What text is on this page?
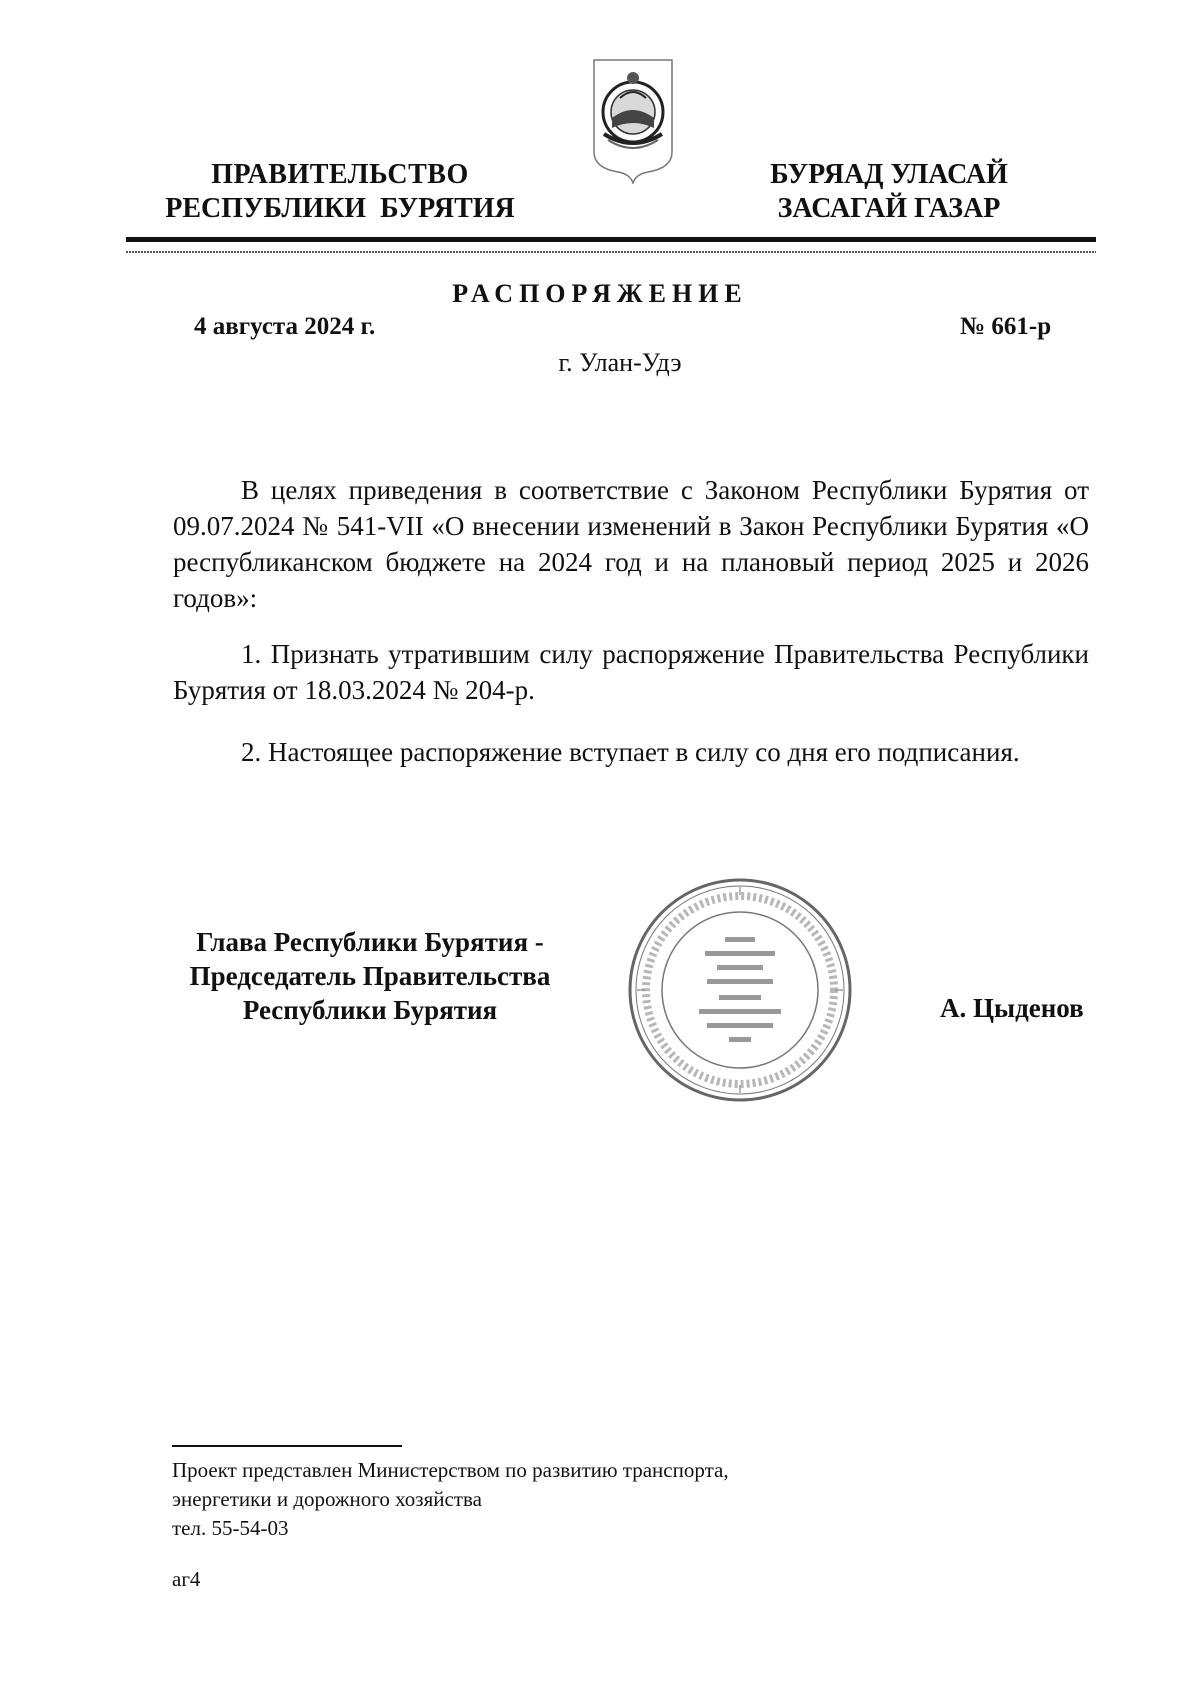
ПРАВИТЕЛЬСТВО
РЕСПУБЛИКИ  БУРЯТИЯ
БУРЯАД УЛАСАЙ
ЗАСАГАЙ ГАЗАР
РАСПОРЯЖЕНИЕ
4 августа 2024 г.	№ 661-р
г. Улан-Удэ
В целях приведения в соответствие с Законом Республики Бурятия от 09.07.2024 № 541-VII «О внесении изменений в Закон Республики Бурятия «О республиканском бюджете на 2024 год и на плановый период 2025 и 2026 годов»:
1. Признать утратившим силу распоряжение Правительства Республики Бурятия от 18.03.2024 № 204-р.
2. Настоящее распоряжение вступает в силу со дня его подписания.
Глава Республики Бурятия -
Председатель Правительства
Республики Бурятия	А. Цыденов
Проект представлен Министерством по развитию транспорта,
энергетики и дорожного хозяйства
тел. 55-54-03
аг4
